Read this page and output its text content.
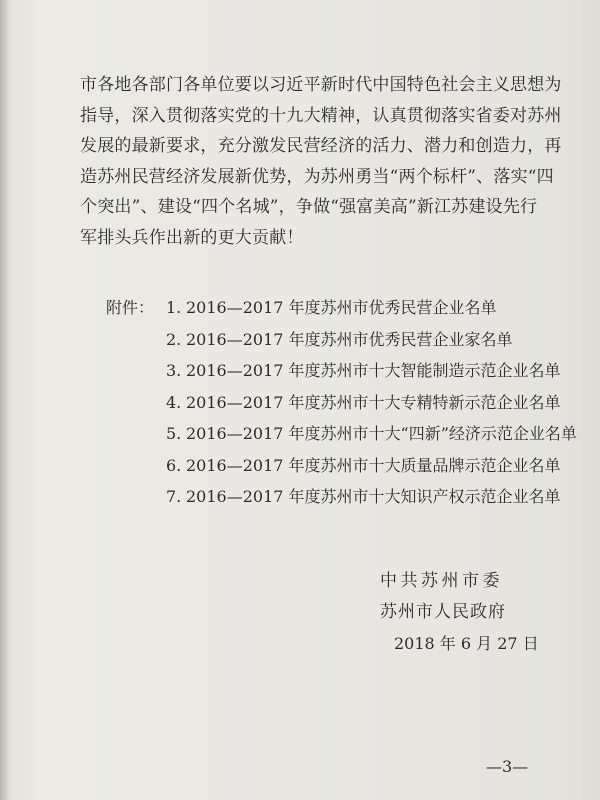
市各地各部门各单位要以习近平新时代中国特色社会主义思想为
指导，深入贯彻落实党的十九大精神，认真贯彻落实省委对苏州
发展的最新要求，充分激发民营经济的活力、潜力和创造力，再
造苏州民营经济发展新优势，为苏州勇当“两个标杆”、落实“四
个突出”、建设“四个名城”，争做“强富美高”新江苏建设先行
军排头兵作出新的更大贡献！
附件： 1. 2016—2017 年度苏州市优秀民营企业名单
2. 2016—2017 年度苏州市优秀民营企业家名单
3. 2016—2017 年度苏州市十大智能制造示范企业名单
4. 2016—2017 年度苏州市十大专精特新示范企业名单
5. 2016—2017 年度苏州市十大“四新”经济示范企业名单
6. 2016—2017 年度苏州市十大质量品牌示范企业名单
7. 2016—2017 年度苏州市十大知识产权示范企业名单
中共苏州市委
苏州市人民政府
2018 年 6 月 27 日
—3—
